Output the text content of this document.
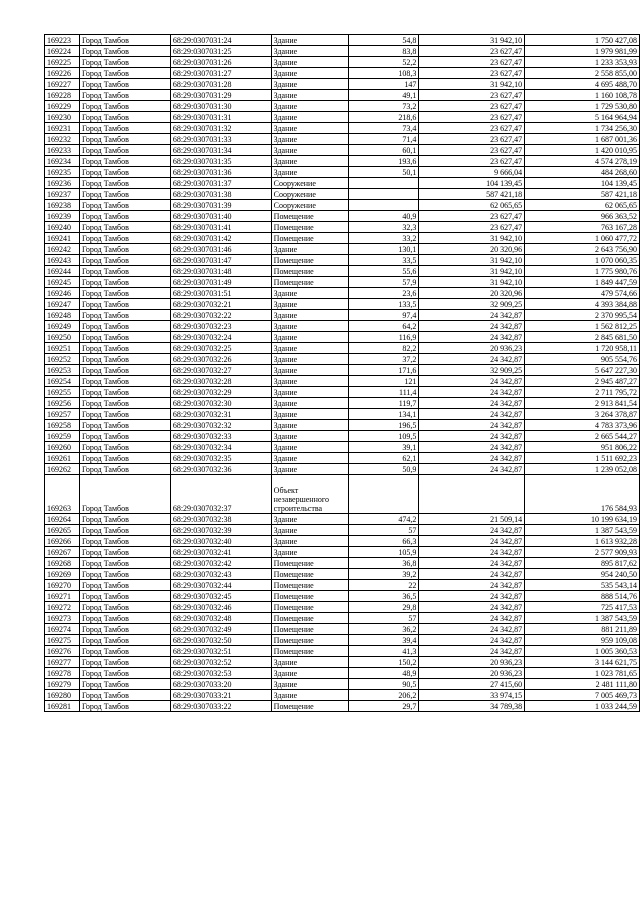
169223	Город Тамбов	68:29:0307031:24	Здание	54,8	31 942,10	1 750 427,08
169224	Город Тамбов	68:29:0307031:25	Здание	83,8	23 627,47	1 979 981,99
169225	Город Тамбов	68:29:0307031:26	Здание	52,2	23 627,47	1 233 353,93
169226	Город Тамбов	68:29:0307031:27	Здание	108,3	23 627,47	2 558 855,00
169227	Город Тамбов	68:29:0307031:28	Здание	147	31 942,10	4 695 488,70
169228	Город Тамбов	68:29:0307031:29	Здание	49,1	23 627,47	1 160 108,78
169229	Город Тамбов	68:29:0307031:30	Здание	73,2	23 627,47	1 729 530,80
169230	Город Тамбов	68:29:0307031:31	Здание	218,6	23 627,47	5 164 964,94
169231	Город Тамбов	68:29:0307031:32	Здание	73,4	23 627,47	1 734 256,30
169232	Город Тамбов	68:29:0307031:33	Здание	71,4	23 627,47	1 687 001,36
169233	Город Тамбов	68:29:0307031:34	Здание	60,1	23 627,47	1 420 010,95
169234	Город Тамбов	68:29:0307031:35	Здание	193,6	23 627,47	4 574 278,19
169235	Город Тамбов	68:29:0307031:36	Здание	50,1	9 666,04	484 268,60
169236	Город Тамбов	68:29:0307031:37	Сооружение		104 139,45	104 139,45
169237	Город Тамбов	68:29:0307031:38	Сооружение		587 421,18	587 421,18
169238	Город Тамбов	68:29:0307031:39	Сооружение		62 065,65	62 065,65
169239	Город Тамбов	68:29:0307031:40	Помещение	40,9	23 627,47	966 363,52
169240	Город Тамбов	68:29:0307031:41	Помещение	32,3	23 627,47	763 167,28
169241	Город Тамбов	68:29:0307031:42	Помещение	33,2	31 942,10	1 060 477,72
169242	Город Тамбов	68:29:0307031:46	Здание	130,1	20 320,96	2 643 756,90
169243	Город Тамбов	68:29:0307031:47	Помещение	33,5	31 942,10	1 070 060,35
169244	Город Тамбов	68:29:0307031:48	Помещение	55,6	31 942,10	1 775 980,76
169245	Город Тамбов	68:29:0307031:49	Помещение	57,9	31 942,10	1 849 447,59
169246	Город Тамбов	68:29:0307031:51	Здание	23,6	20 320,96	479 574,66
169247	Город Тамбов	68:29:0307032:21	Здание	133,5	32 909,25	4 393 384,88
169248	Город Тамбов	68:29:0307032:22	Здание	97,4	24 342,87	2 370 995,54
169249	Город Тамбов	68:29:0307032:23	Здание	64,2	24 342,87	1 562 812,25
169250	Город Тамбов	68:29:0307032:24	Здание	116,9	24 342,87	2 845 681,50
169251	Город Тамбов	68:29:0307032:25	Здание	82,2	20 936,23	1 720 958,11
169252	Город Тамбов	68:29:0307032:26	Здание	37,2	24 342,87	905 554,76
169253	Город Тамбов	68:29:0307032:27	Здание	171,6	32 909,25	5 647 227,30
169254	Город Тамбов	68:29:0307032:28	Здание	121	24 342,87	2 945 487,27
169255	Город Тамбов	68:29:0307032:29	Здание	111,4	24 342,87	2 711 795,72
169256	Город Тамбов	68:29:0307032:30	Здание	119,7	24 342,87	2 913 841,54
169257	Город Тамбов	68:29:0307032:31	Здание	134,1	24 342,87	3 264 378,87
169258	Город Тамбов	68:29:0307032:32	Здание	196,5	24 342,87	4 783 373,96
169259	Город Тамбов	68:29:0307032:33	Здание	109,5	24 342,87	2 665 544,27
169260	Город Тамбов	68:29:0307032:34	Здание	39,1	24 342,87	951 806,22
169261	Город Тамбов	68:29:0307032:35	Здание	62,1	24 342,87	1 511 692,23
169262	Город Тамбов	68:29:0307032:36	Здание	50,9	24 342,87	1 239 052,08
169263	Город Тамбов	68:29:0307032:37	Объект незавершенного строительства			176 584,93
169264	Город Тамбов	68:29:0307032:38	Здание	474,2	21 509,14	10 199 634,19
169265	Город Тамбов	68:29:0307032:39	Здание	57	24 342,87	1 387 543,59
169266	Город Тамбов	68:29:0307032:40	Здание	66,3	24 342,87	1 613 932,28
169267	Город Тамбов	68:29:0307032:41	Здание	105,9	24 342,87	2 577 909,93
169268	Город Тамбов	68:29:0307032:42	Помещение	36,8	24 342,87	895 817,62
169269	Город Тамбов	68:29:0307032:43	Помещение	39,2	24 342,87	954 240,50
169270	Город Тамбов	68:29:0307032:44	Помещение	22	24 342,87	535 543,14
169271	Город Тамбов	68:29:0307032:45	Помещение	36,5	24 342,87	888 514,76
169272	Город Тамбов	68:29:0307032:46	Помещение	29,8	24 342,87	725 417,53
169273	Город Тамбов	68:29:0307032:48	Помещение	57	24 342,87	1 387 543,59
169274	Город Тамбов	68:29:0307032:49	Помещение	36,2	24 342,87	881 211,89
169275	Город Тамбов	68:29:0307032:50	Помещение	39,4	24 342,87	959 109,08
169276	Город Тамбов	68:29:0307032:51	Помещение	41,3	24 342,87	1 005 360,53
169277	Город Тамбов	68:29:0307032:52	Здание	150,2	20 936,23	3 144 621,75
169278	Город Тамбов	68:29:0307032:53	Здание	48,9	20 936,23	1 023 781,65
169279	Город Тамбов	68:29:0307033:20	Здание	90,5	27 415,60	2 481 111,80
169280	Город Тамбов	68:29:0307033:21	Здание	206,2	33 974,15	7 005 469,73
169281	Город Тамбов	68:29:0307033:22	Помещение	29,7	34 789,38	1 033 244,59
